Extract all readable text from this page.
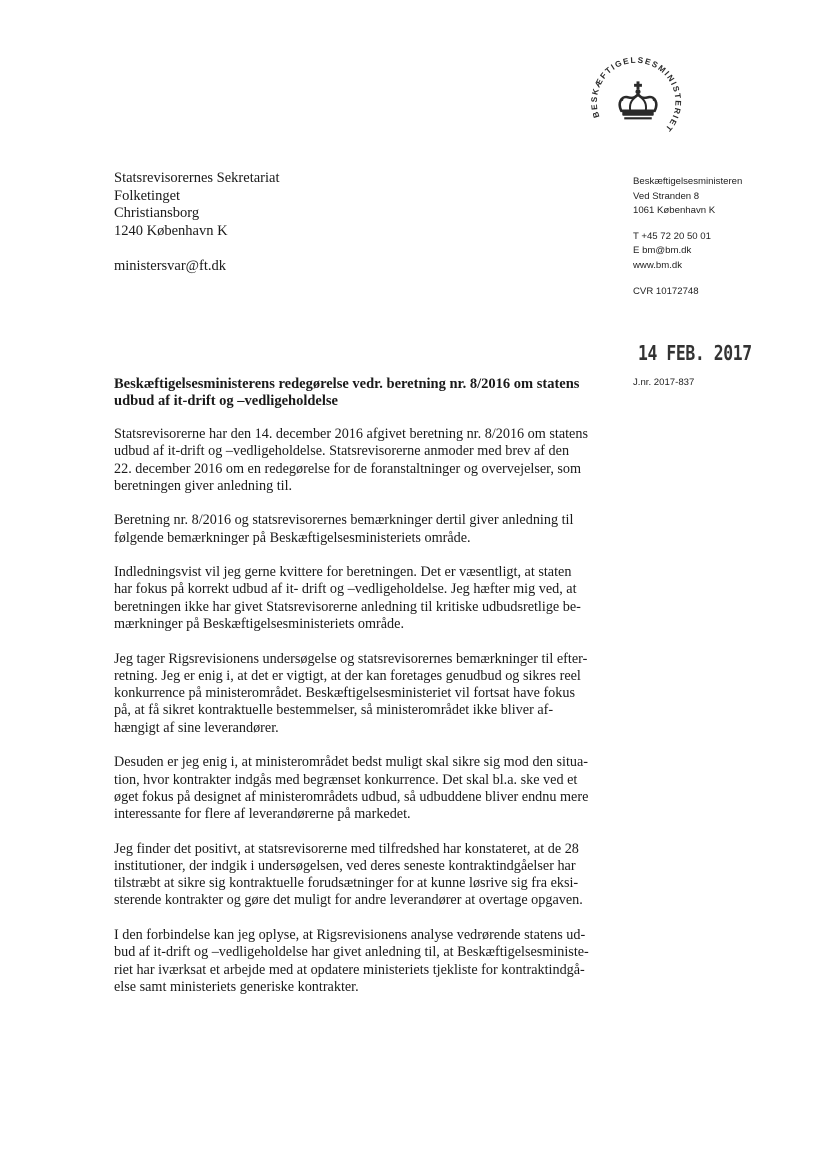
BESKÆFTIGELSESMINISTERIET
Statsrevisorernes Sekretariat
Folketinget
Christiansborg
1240 København K
ministersvar@ft.dk
Beskæftigelsesministeren
Ved Stranden 8
1061 København K
T +45 72 20 50 01
E bm@bm.dk
www.bm.dk
CVR 10172748
14 FEB. 2017
J.nr. 2017-837
Beskæftigelsesministerens redegørelse vedr. beretning nr. 8/2016 om statens
udbud af it-drift og –vedligeholdelse

Statsrevisorerne har den 14. december 2016 afgivet beretning nr. 8/2016 om statens
udbud af it-drift og –vedligeholdelse. Statsrevisorerne anmoder med brev af den
22. december 2016 om en redegørelse for de foranstaltninger og overvejelser, som
beretningen giver anledning til.

Beretning nr. 8/2016 og statsrevisorernes bemærkninger dertil giver anledning til
følgende bemærkninger på Beskæftigelsesministeriets område.

Indledningsvist vil jeg gerne kvittere for beretningen. Det er væsentligt, at staten
har fokus på korrekt udbud af it- drift og –vedligeholdelse. Jeg hæfter mig ved, at
beretningen ikke har givet Statsrevisorerne anledning til kritiske udbudsretlige be-
mærkninger på Beskæftigelsesministeriets område.

Jeg tager Rigsrevisionens undersøgelse og statsrevisorernes bemærkninger til efter-
retning. Jeg er enig i, at det er vigtigt, at der kan foretages genudbud og sikres reel
konkurrence på ministerområdet. Beskæftigelsesministeriet vil fortsat have fokus
på, at få sikret kontraktuelle bestemmelser, så ministerområdet ikke bliver af-
hængigt af sine leverandører.

Desuden er jeg enig i, at ministerområdet bedst muligt skal sikre sig mod den situa-
tion, hvor kontrakter indgås med begrænset konkurrence. Det skal bl.a. ske ved et
øget fokus på designet af ministerområdets udbud, så udbuddene bliver endnu mere
interessante for flere af leverandørerne på markedet.

Jeg finder det positivt, at statsrevisorerne med tilfredshed har konstateret, at de 28
institutioner, der indgik i undersøgelsen, ved deres seneste kontraktindgåelser har
tilstræbt at sikre sig kontraktuelle forudsætninger for at kunne løsrive sig fra eksi-
sterende kontrakter og gøre det muligt for andre leverandører at overtage opgaven.

I den forbindelse kan jeg oplyse, at Rigsrevisionens analyse vedrørende statens ud-
bud af it-drift og –vedligeholdelse har givet anledning til, at Beskæftigelsesministe-
riet har iværksat et arbejde med at opdatere ministeriets tjekliste for kontraktindgå-
else samt ministeriets generiske kontrakter.
